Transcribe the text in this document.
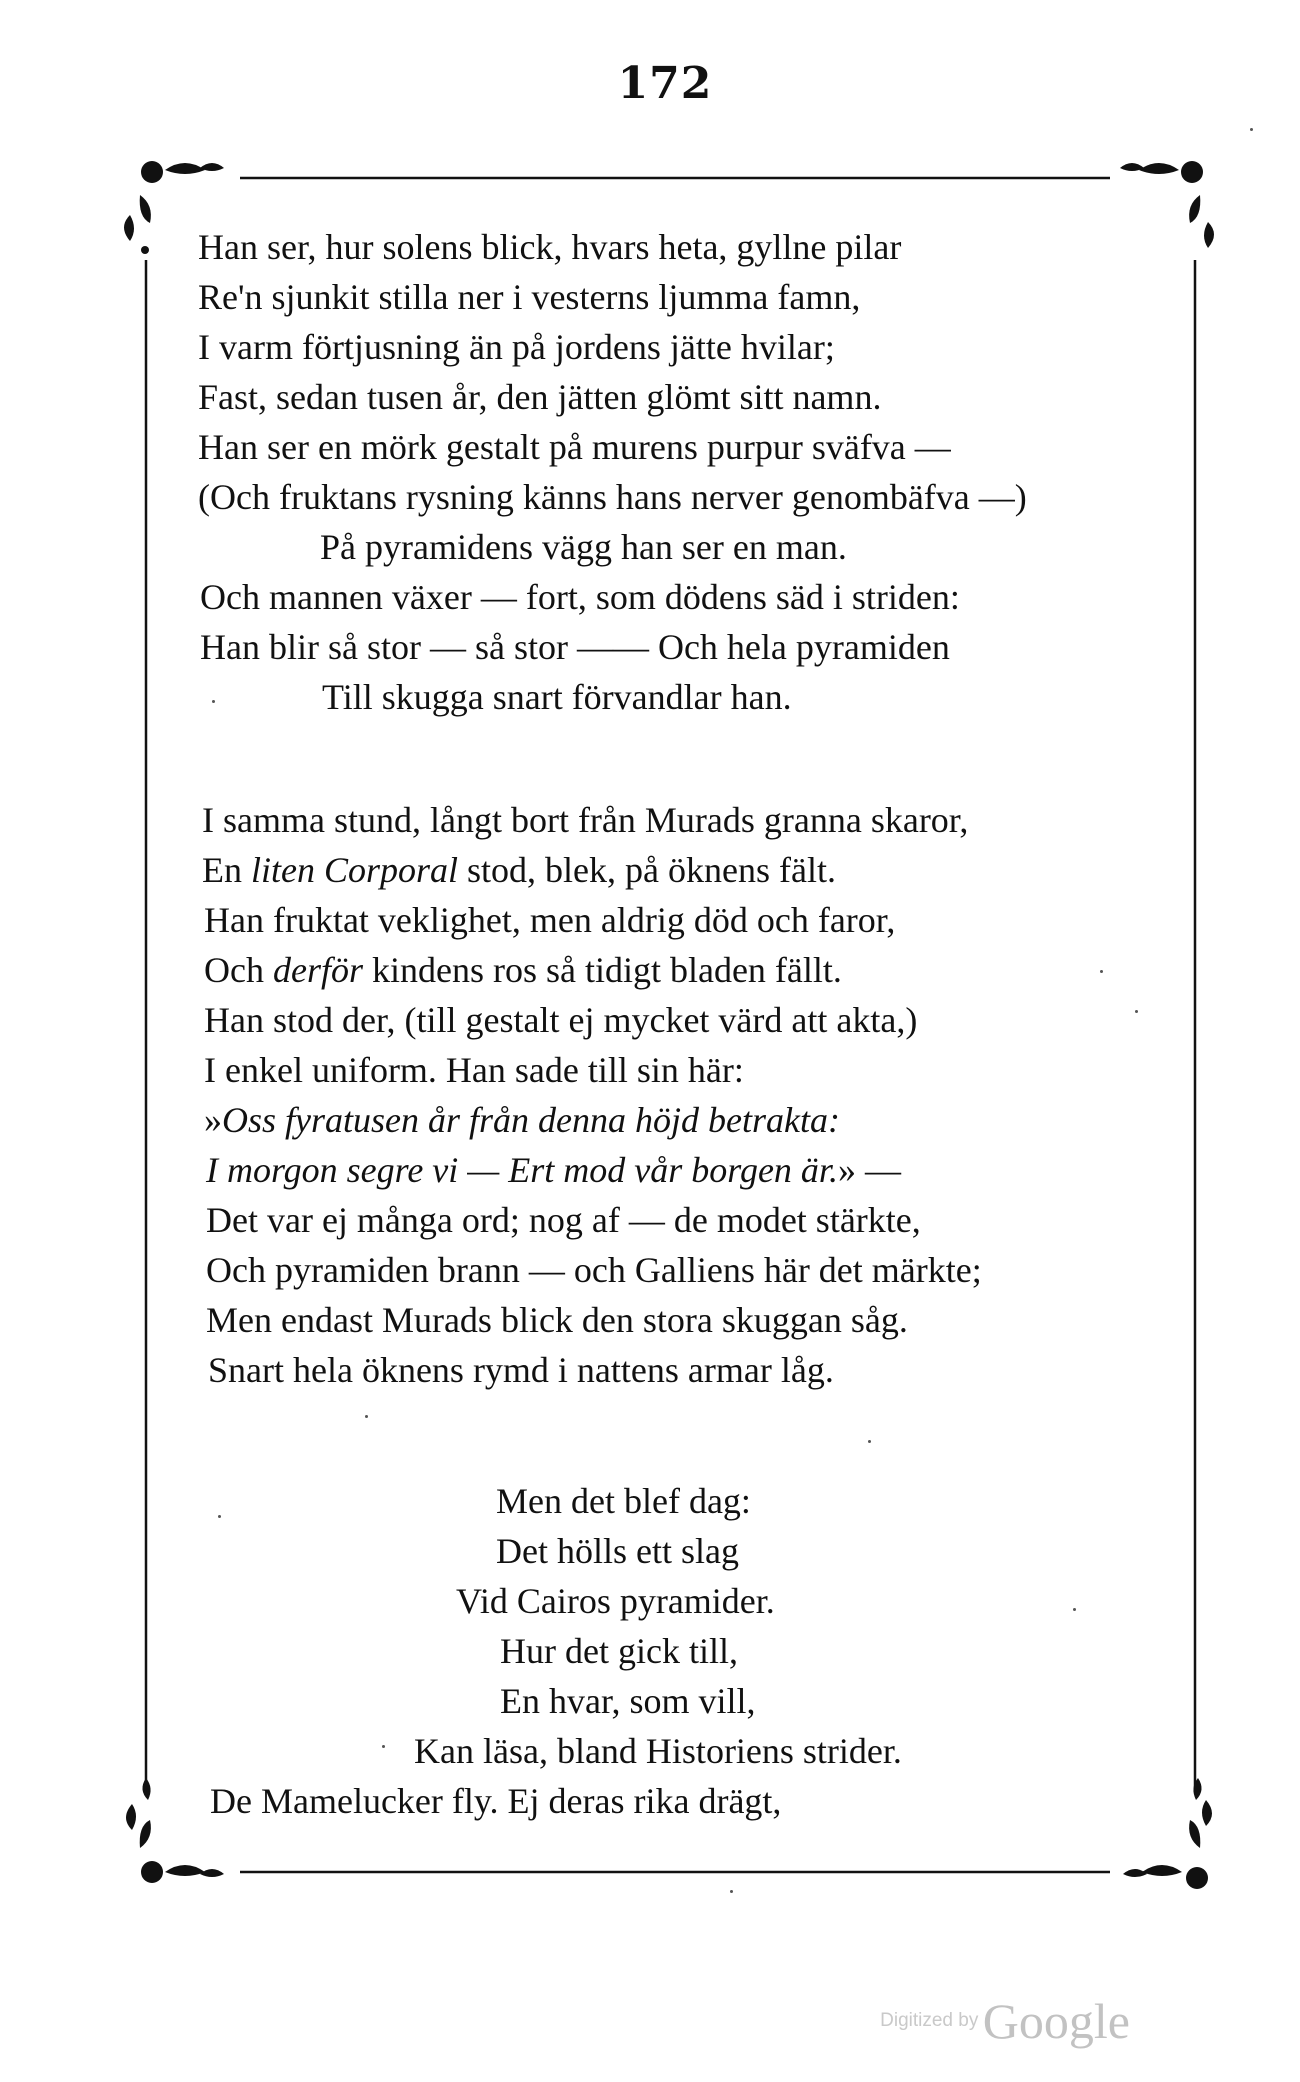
172
Han ser, hur solens blick, hvars heta, gyllne pilar
Re'n sjunkit stilla ner i vesterns ljumma famn,
I varm förtjusning än på jordens jätte hvilar;
Fast, sedan tusen år, den jätten glömt sitt namn.
Han ser en mörk gestalt på murens purpur sväfva —
(Och fruktans rysning känns hans nerver genombäfva —)
På pyramidens vägg han ser en man.
Och mannen växer — fort, som dödens säd i striden:
Han blir så stor — så stor —— Och hela pyramiden
Till skugga snart förvandlar han.
I samma stund, långt bort från Murads granna skaror,
En liten Corporal stod, blek, på öknens fält.
Han fruktat veklighet, men aldrig död och faror,
Och derför kindens ros så tidigt bladen fällt.
Han stod der, (till gestalt ej mycket värd att akta,)
I enkel uniform. Han sade till sin här:
»Oss fyratusen år från denna höjd betrakta:
I morgon segre vi — Ert mod vår borgen är.» —
Det var ej många ord; nog af — de modet stärkte,
Och pyramiden brann — och Galliens här det märkte;
Men endast Murads blick den stora skuggan såg.
Snart hela öknens rymd i nattens armar låg.
Men det blef dag:
Det hölls ett slag
Vid Cairos pyramider.
Hur det gick till,
En hvar, som vill,
Kan läsa, bland Historiens strider.
De Mamelucker fly. Ej deras rika drägt,
Digitized by Google
